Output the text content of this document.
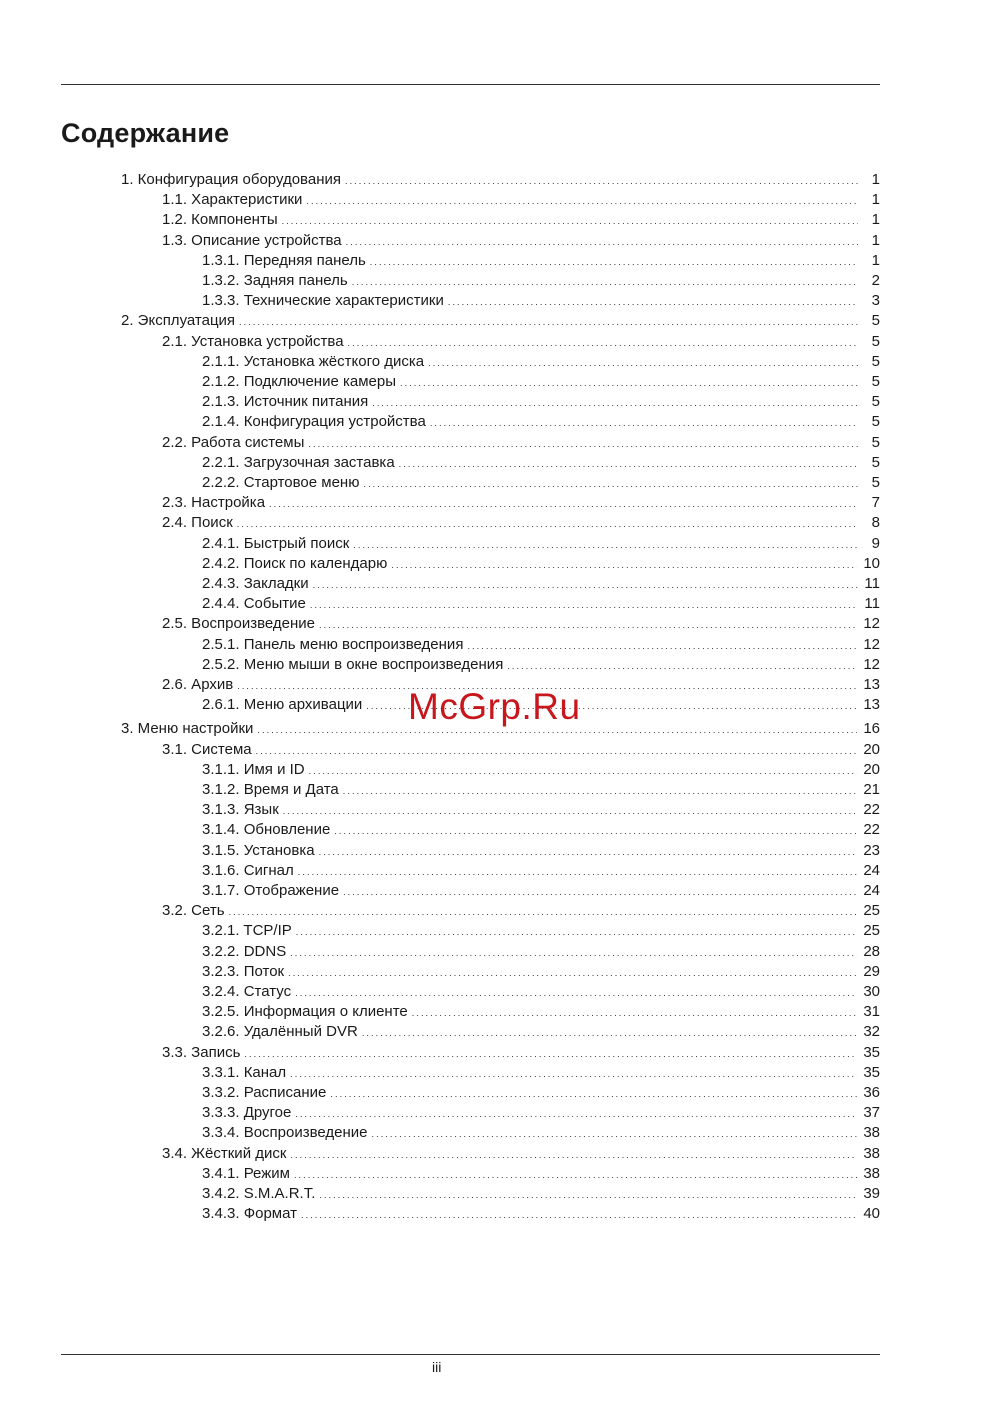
Содержание
1. Конфигурация оборудования . . .	1
1.1. Характеристики . . .	1
1.2. Компоненты . . .	1
1.3. Описание устройства . . .	1
1.3.1. Передняя панель . . .	1
1.3.2. Задняя панель . . .	2
1.3.3. Технические характеристики . . .	3
2. Эксплуатация . . .	5
2.1. Установка устройства . . .	5
2.1.1. Установка жёсткого диска . . .	5
2.1.2. Подключение камеры . . .	5
2.1.3. Источник питания . . .	5
2.1.4. Конфигурация устройства . . .	5
2.2. Работа системы . . .	5
2.2.1. Загрузочная заставка . . .	5
2.2.2. Стартовое меню . . .	5
2.3. Настройка . . .	7
2.4. Поиск . . .	8
2.4.1. Быстрый поиск . . .	9
2.4.2. Поиск по календарю . . .	10
2.4.3. Закладки . . .	11
2.4.4. Событие . . .	11
2.5. Воспроизведение . . .	12
2.5.1. Панель меню воспроизведения . . .	12
2.5.2. Меню мыши в окне воспроизведения . . .	12
2.6. Архив . . .	13
2.6.1. Меню архивации . . .	13
3. Меню настройки . . .	16
3.1. Система . . .	20
3.1.1. Имя и ID . . .	20
3.1.2. Время и Дата . . .	21
3.1.3. Язык . . .	22
3.1.4. Обновление . . .	22
3.1.5. Установка . . .	23
3.1.6. Сигнал . . .	24
3.1.7. Отображение . . .	24
3.2. Сеть . . .	25
3.2.1. TCP/IP . . .	25
3.2.2. DDNS . . .	28
3.2.3. Поток . . .	29
3.2.4. Статус . . .	30
3.2.5. Информация о клиенте . . .	31
3.2.6. Удалённый DVR . . .	32
3.3. Запись . . .	35
3.3.1. Канал . . .	35
3.3.2. Расписание . . .	36
3.3.3. Другое . . .	37
3.3.4. Воспроизведение . . .	38
3.4. Жёсткий диск . . .	38
3.4.1. Режим . . .	38
3.4.2. S.M.A.R.T. . . .	39
3.4.3. Формат . . .	40
McGrp.Ru
iii
